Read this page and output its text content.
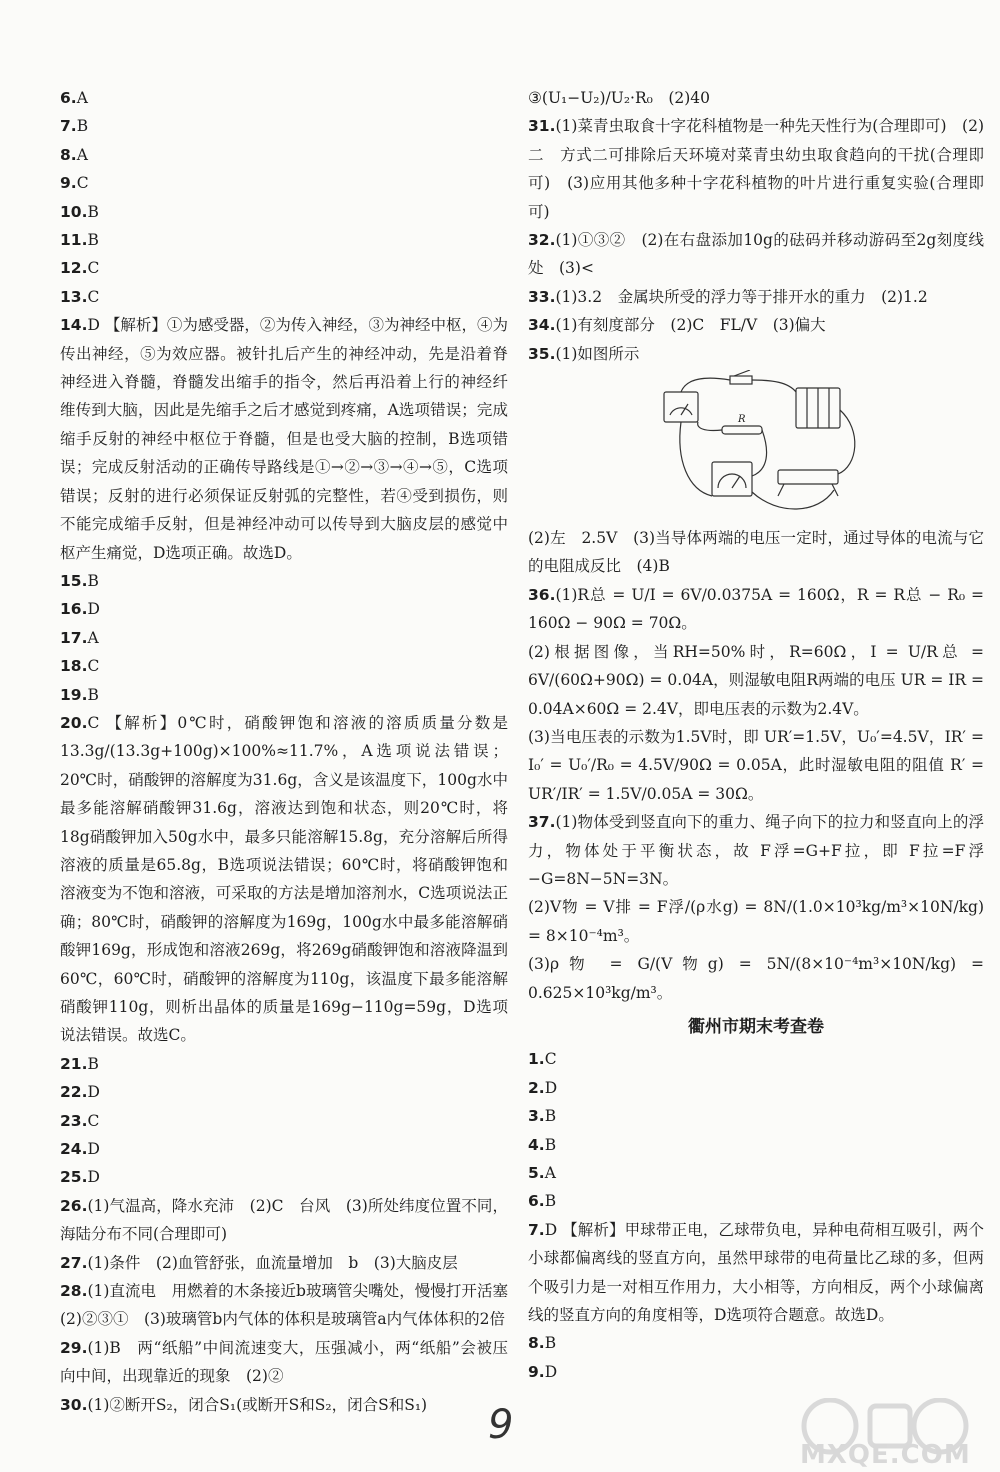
6.A

7.B

8.A

9.C

10.B

11.B

12.C

13.C

14.D 【解析】①为感受器，②为传入神经，③为神经中枢，④为传出神经，⑤为效应器。被针扎后产生的神经冲动，先是沿着脊神经进入脊髓，脊髓发出缩手的指令，然后再沿着上行的神经纤维传到大脑，因此是先缩手之后才感觉到疼痛，A选项错误；完成缩手反射的神经中枢位于脊髓，但是也受大脑的控制，B选项错误；完成反射活动的正确传导路线是①→②→③→④→⑤，C选项错误；反射的进行必须保证反射弧的完整性，若④受到损伤，则不能完成缩手反射，但是神经冲动可以传导到大脑皮层的感觉中枢产生痛觉，D选项正确。故选D。

15.B

16.D

17.A

18.C

19.B

20.C 【解析】0℃时，硝酸钾饱和溶液的溶质质量分数是 13.3g/(13.3g+100g)×100%≈11.7%，A选项说法错误；20℃时，硝酸钾的溶解度为31.6g，含义是该温度下，100g水中最多能溶解硝酸钾31.6g，溶液达到饱和状态，则20℃时，将18g硝酸钾加入50g水中，最多只能溶解15.8g，充分溶解后所得溶液的质量是65.8g，B选项说法错误；60℃时，将硝酸钾饱和溶液变为不饱和溶液，可采取的方法是增加溶剂水，C选项说法正确；80℃时，硝酸钾的溶解度为169g，100g水中最多能溶解硝酸钾169g，形成饱和溶液269g，将269g硝酸钾饱和溶液降温到60℃，60℃时，硝酸钾的溶解度为110g，该温度下最多能溶解硝酸钾110g，则析出晶体的质量是169g−110g=59g，D选项说法错误。故选C。

21.B

22.D

23.C

24.D

25.D

26.(1)气温高，降水充沛　(2)C　台风　(3)所处纬度位置不同，海陆分布不同(合理即可)

27.(1)条件　(2)血管舒张，血流量增加　b　(3)大脑皮层

28.(1)直流电　用燃着的木条接近b玻璃管尖嘴处，慢慢打开活塞　(2)②③①　(3)玻璃管b内气体的体积是玻璃管a内气体体积的2倍

29.(1)B　两“纸船”中间流速变大，压强减小，两“纸船”会被压向中间，出现靠近的现象　(2)②

30.(1)②断开S₂，闭合S₁(或断开S和S₂，闭合S和S₁)

③(U₁−U₂)/U₂·R₀　(2)40

31.(1)菜青虫取食十字花科植物是一种先天性行为(合理即可)　(2)二　方式二可排除后天环境对菜青虫幼虫取食趋向的干扰(合理即可)　(3)应用其他多种十字花科植物的叶片进行重复实验(合理即可)

32.(1)①③②　(2)在右盘添加10g的砝码并移动游码至2g刻度线处　(3)<

33.(1)3.2　金属块所受的浮力等于排开水的重力　(2)1.2

34.(1)有刻度部分　(2)C　FL/V　(3)偏大

35.(1)如图所示

R

(2)左　2.5V　(3)当导体两端的电压一定时，通过导体的电流与它的电阻成反比　(4)B

36.(1)R总 = U/I = 6V/0.0375A = 160Ω，R = R总 − R₀ = 160Ω − 90Ω = 70Ω。

(2)根据图像，当RH=50%时，R=60Ω，I = U/R总 = 6V/(60Ω+90Ω) = 0.04A，则湿敏电阻R两端的电压 UR = IR = 0.04A×60Ω = 2.4V，即电压表的示数为2.4V。

(3)当电压表的示数为1.5V时，即 UR′=1.5V，U₀′=4.5V，IR′ = I₀′ = U₀′/R₀ = 4.5V/90Ω = 0.05A，此时湿敏电阻的阻值 R′ = UR′/IR′ = 1.5V/0.05A = 30Ω。

37.(1)物体受到竖直向下的重力、绳子向下的拉力和竖直向上的浮力，物体处于平衡状态，故 F浮=G+F拉，即 F拉=F浮−G=8N−5N=3N。

(2)V物 = V排 = F浮/(ρ水g) = 8N/(1.0×10³kg/m³×10N/kg) = 8×10⁻⁴m³。

(3)ρ物 = G/(V物g) = 5N/(8×10⁻⁴m³×10N/kg) = 0.625×10³kg/m³。

衢州市期末考查卷

1.C

2.D

3.B

4.B

5.A

6.B

7.D 【解析】甲球带正电，乙球带负电，异种电荷相互吸引，两个小球都偏离线的竖直方向，虽然甲球带的电荷量比乙球的多，但两个吸引力是一对相互作用力，大小相等，方向相反，两个小球偏离线的竖直方向的角度相等，D选项符合题意。故选D。

8.B

9.D

9
MXQE.COM
